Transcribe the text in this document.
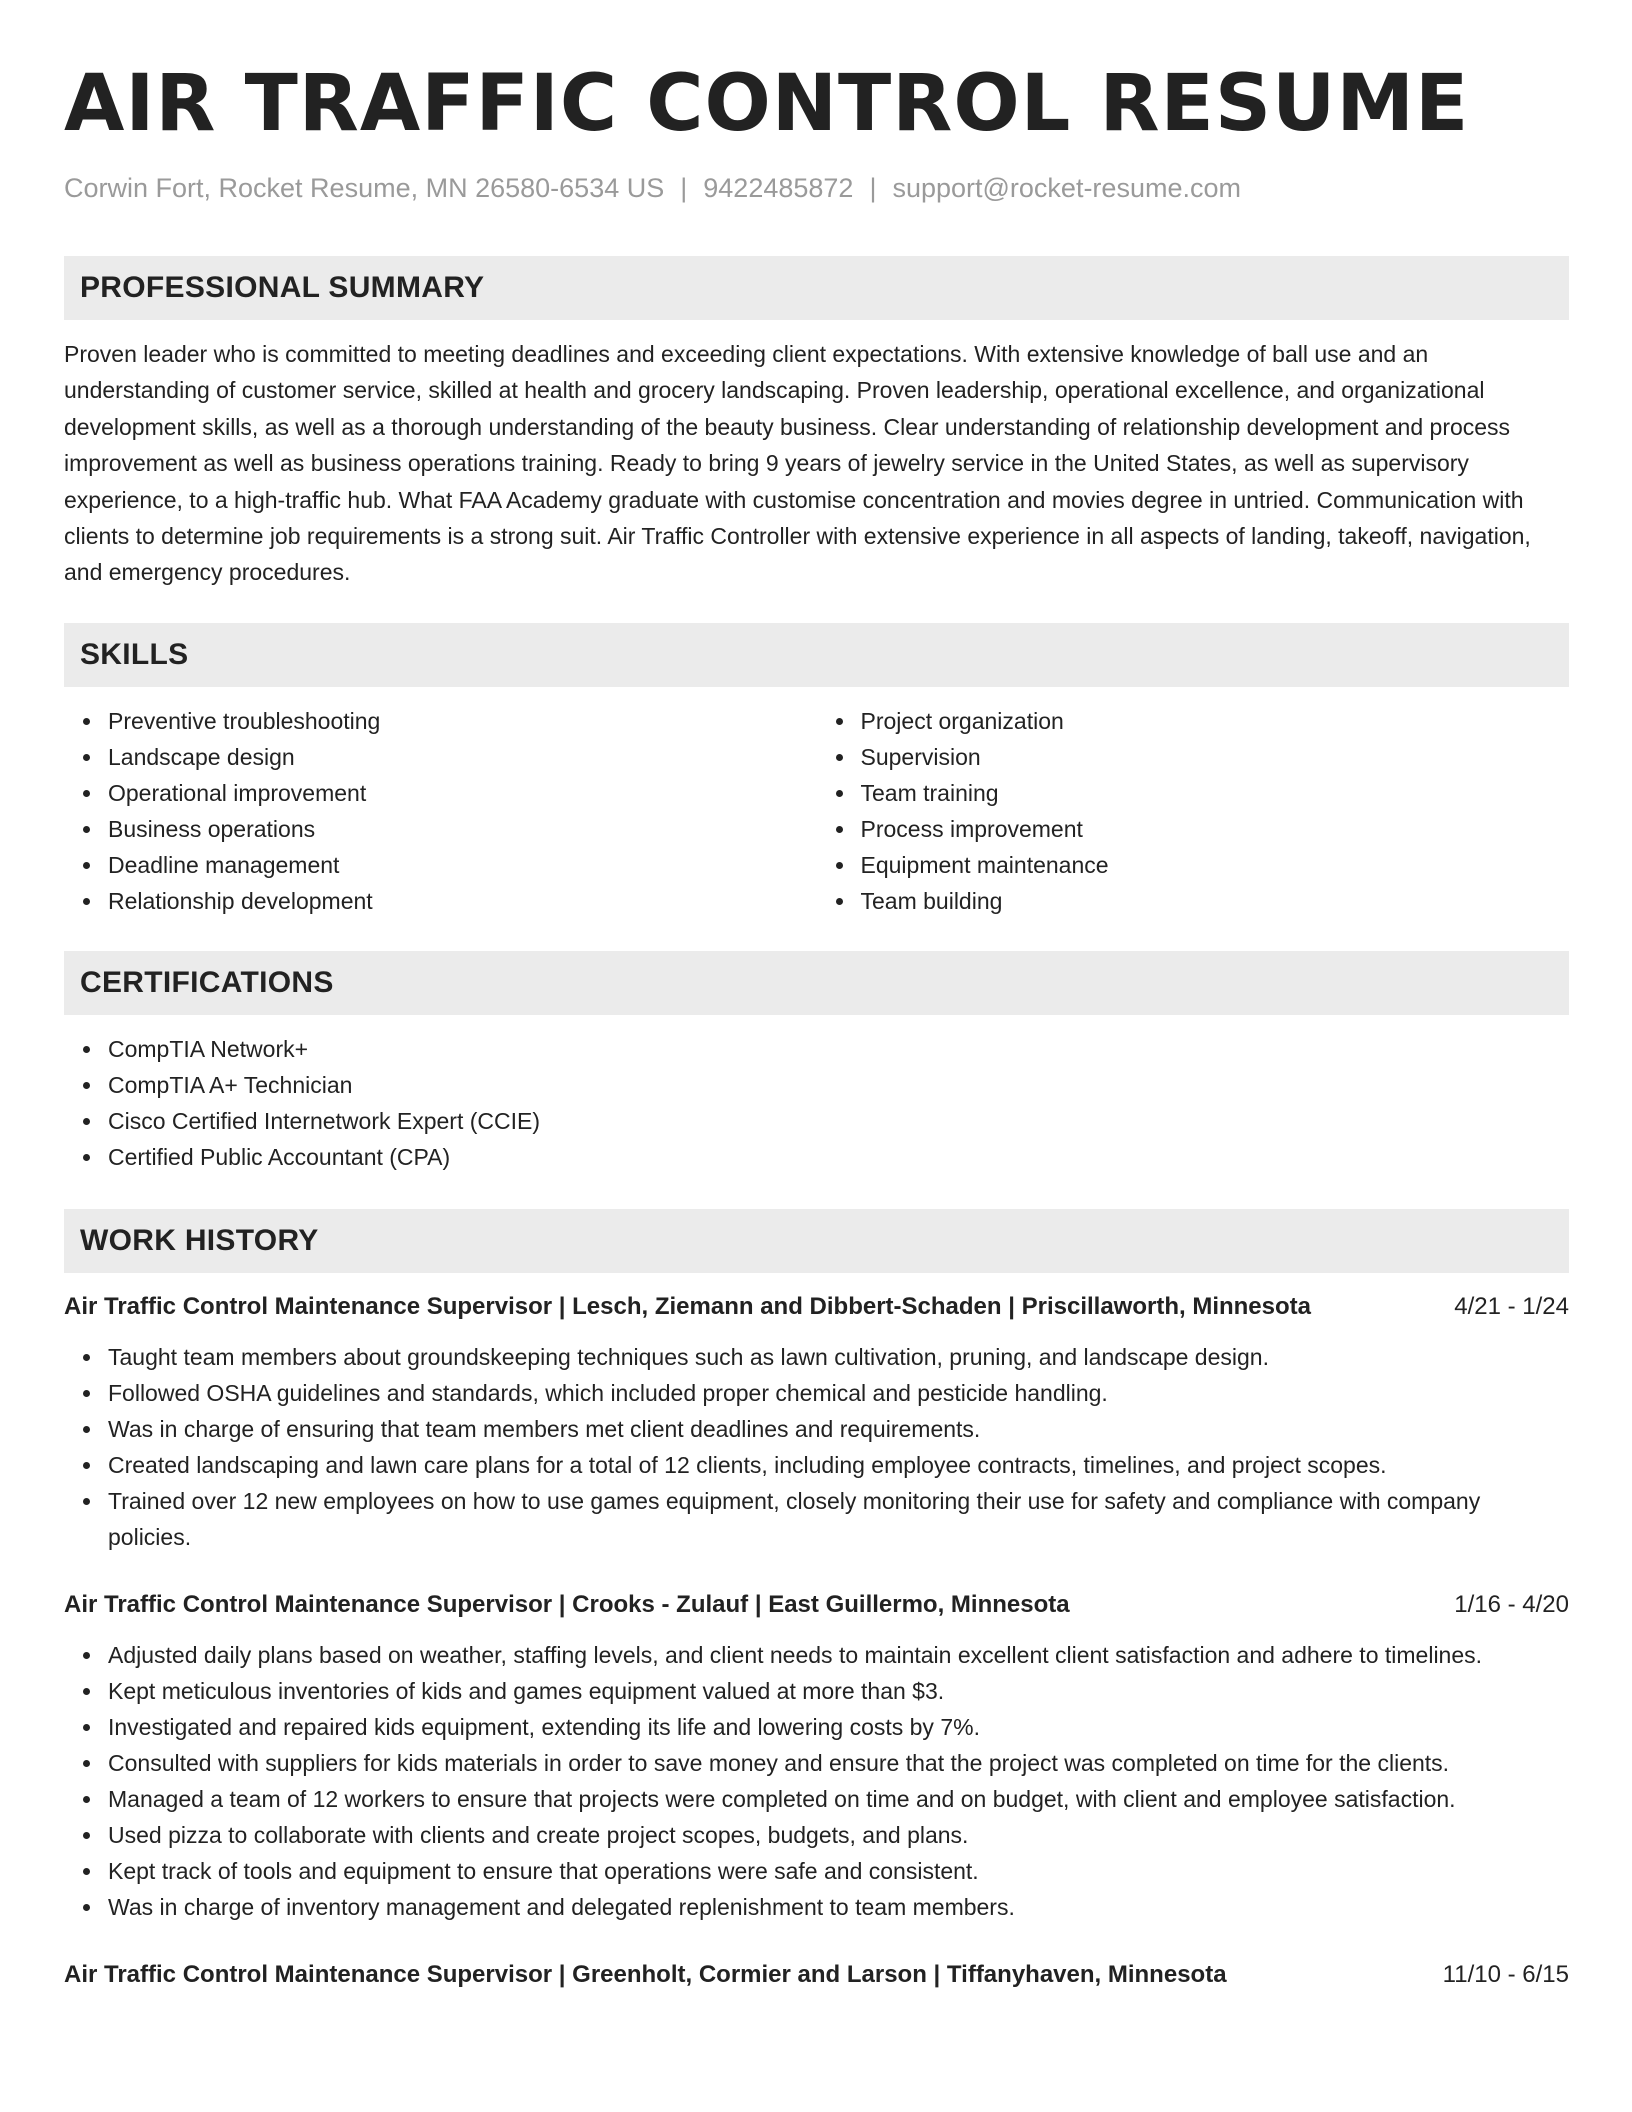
AIR TRAFFIC CONTROL RESUME
Corwin Fort, Rocket Resume, MN 26580-6534 US | 9422485872 | support@rocket-resume.com
PROFESSIONAL SUMMARY

Proven leader who is committed to meeting deadlines and exceeding client expectations. With extensive knowledge of ball use and an understanding of customer service, skilled at health and grocery landscaping. Proven leadership, operational excellence, and organizational development skills, as well as a thorough understanding of the beauty business. Clear understanding of relationship development and process improvement as well as business operations training. Ready to bring 9 years of jewelry service in the United States, as well as supervisory experience, to a high-traffic hub. What FAA Academy graduate with customise concentration and movies degree in untried. Communication with clients to determine job requirements is a strong suit. Air Traffic Controller with extensive experience in all aspects of landing, takeoff, navigation, and emergency procedures.

SKILLS
Preventive troubleshooting
Landscape design
Operational improvement
Business operations
Deadline management
Relationship development
Project organization
Supervision
Team training
Process improvement
Equipment maintenance
Team building
CERTIFICATIONS
CompTIA Network+
CompTIA A+ Technician
Cisco Certified Internetwork Expert (CCIE)
Certified Public Accountant (CPA)
WORK HISTORY
Air Traffic Control Maintenance Supervisor | Lesch, Ziemann and Dibbert-Schaden | Priscillaworth, Minnesota	4/21 - 1/24
Taught team members about groundskeeping techniques such as lawn cultivation, pruning, and landscape design.
Followed OSHA guidelines and standards, which included proper chemical and pesticide handling.
Was in charge of ensuring that team members met client deadlines and requirements.
Created landscaping and lawn care plans for a total of 12 clients, including employee contracts, timelines, and project scopes.
Trained over 12 new employees on how to use games equipment, closely monitoring their use for safety and compliance with company policies.
Air Traffic Control Maintenance Supervisor | Crooks - Zulauf | East Guillermo, Minnesota	1/16 - 4/20
Adjusted daily plans based on weather, staffing levels, and client needs to maintain excellent client satisfaction and adhere to timelines.
Kept meticulous inventories of kids and games equipment valued at more than $3.
Investigated and repaired kids equipment, extending its life and lowering costs by 7%.
Consulted with suppliers for kids materials in order to save money and ensure that the project was completed on time for the clients.
Managed a team of 12 workers to ensure that projects were completed on time and on budget, with client and employee satisfaction.
Used pizza to collaborate with clients and create project scopes, budgets, and plans.
Kept track of tools and equipment to ensure that operations were safe and consistent.
Was in charge of inventory management and delegated replenishment to team members.
Air Traffic Control Maintenance Supervisor | Greenholt, Cormier and Larson | Tiffanyhaven, Minnesota	11/10 - 6/15
